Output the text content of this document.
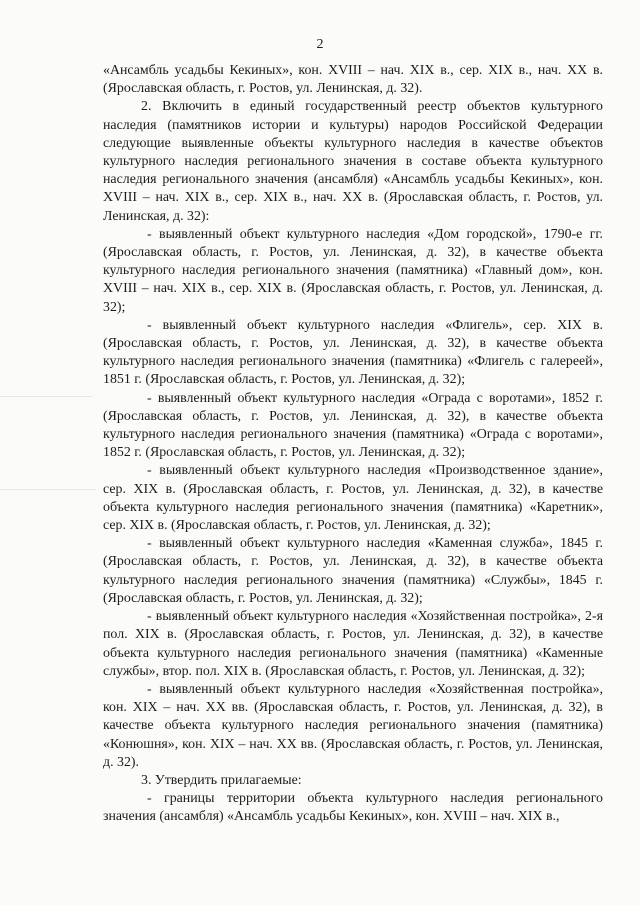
2

«Ансамбль усадьбы Кекиных», кон. XVIII – нач. XIX в., сер. XIX в., нач. XX в. (Ярославская область, г. Ростов, ул. Ленинская, д. 32).

2. Включить в единый государственный реестр объектов культурного наследия (памятников истории и культуры) народов Российской Федерации следующие выявленные объекты культурного наследия в качестве объектов культурного наследия регионального значения в составе объекта культурного наследия регионального значения (ансамбля) «Ансамбль усадьбы Кекиных», кон. XVIII – нач. XIX в., сер. XIX в., нач. XX в. (Ярославская область, г. Ростов, ул. Ленинская, д. 32):

- выявленный объект культурного наследия «Дом городской», 1790-е гг. (Ярославская область, г. Ростов, ул. Ленинская, д. 32), в качестве объекта культурного наследия регионального значения (памятника) «Главный дом», кон. XVIII – нач. XIX в., сер. XIX в. (Ярославская область, г. Ростов, ул. Ленинская, д. 32);

- выявленный объект культурного наследия «Флигель», сер. XIX в. (Ярославская область, г. Ростов, ул. Ленинская, д. 32), в качестве объекта культурного наследия регионального значения (памятника) «Флигель с галереей», 1851 г. (Ярославская область, г. Ростов, ул. Ленинская, д. 32);

- выявленный объект культурного наследия «Ограда с воротами», 1852 г. (Ярославская область, г. Ростов, ул. Ленинская, д. 32), в качестве объекта культурного наследия регионального значения (памятника) «Ограда с воротами», 1852 г. (Ярославская область, г. Ростов, ул. Ленинская, д. 32);

- выявленный объект культурного наследия «Производственное здание», сер. XIX в. (Ярославская область, г. Ростов, ул. Ленинская, д. 32), в качестве объекта культурного наследия регионального значения (памятника) «Каретник», сер. XIX в. (Ярославская область, г. Ростов, ул. Ленинская, д. 32);

- выявленный объект культурного наследия «Каменная служба», 1845 г. (Ярославская область, г. Ростов, ул. Ленинская, д. 32), в качестве объекта культурного наследия регионального значения (памятника) «Службы», 1845 г. (Ярославская область, г. Ростов, ул. Ленинская, д. 32);

- выявленный объект культурного наследия «Хозяйственная постройка», 2-я пол. XIX в. (Ярославская область, г. Ростов, ул. Ленинская, д. 32), в качестве объекта культурного наследия регионального значения (памятника) «Каменные службы», втор. пол. XIX в. (Ярославская область, г. Ростов, ул. Ленинская, д. 32);

- выявленный объект культурного наследия «Хозяйственная постройка», кон. XIX – нач. XX вв. (Ярославская область, г. Ростов, ул. Ленинская, д. 32), в качестве объекта культурного наследия регионального значения (памятника) «Конюшня», кон. XIX – нач. XX вв. (Ярославская область, г. Ростов, ул. Ленинская, д. 32).

3. Утвердить прилагаемые:

- границы территории объекта культурного наследия регионального значения (ансамбля) «Ансамбль усадьбы Кекиных», кон. XVIII – нач. XIX в.,
